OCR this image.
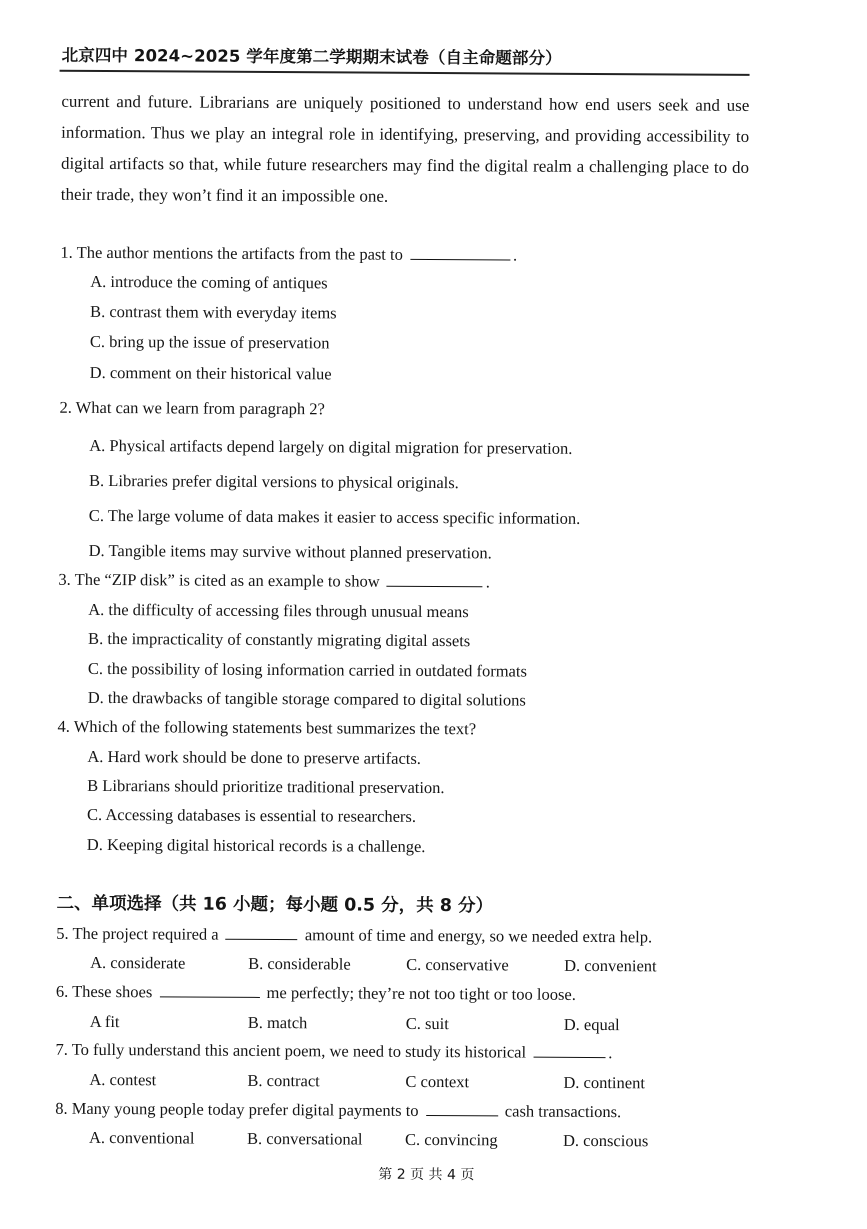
北京四中 2024~2025 学年度第二学期期末试卷（自主命题部分）

current and future. Librarians are uniquely positioned to understand how end users seek and use information. Thus we play an integral role in identifying, preserving, and providing accessibility to digital artifacts so that, while future researchers may find the digital realm a challenging place to do their trade, they won’t find it an impossible one.

1. The author mentions the artifacts from the past to	.
A. introduce the coming of antiques
B. contrast them with everyday items
C. bring up the issue of preservation
D. comment on their historical value
2. What can we learn from paragraph 2?
A. Physical artifacts depend largely on digital migration for preservation.
B. Libraries prefer digital versions to physical originals.
C. The large volume of data makes it easier to access specific information.
D. Tangible items may survive without planned preservation.
3. The “ZIP disk” is cited as an example to show	.
A. the difficulty of accessing files through unusual means
B. the impracticality of constantly migrating digital assets
C. the possibility of losing information carried in outdated formats
D. the drawbacks of tangible storage compared to digital solutions
4. Which of the following statements best summarizes the text?
A. Hard work should be done to preserve artifacts.
B Librarians should prioritize traditional preservation.
C. Accessing databases is essential to researchers.
D. Keeping digital historical records is a challenge.
二、单项选择（共 16 小题；每小题 0.5 分，共 8 分）
5. The project required a	amount of time and energy, so we needed extra help.
A. considerate	B. considerable	C. conservative	D. convenient
6. These shoes	me perfectly; they’re not too tight or too loose.
A fit	B. match	C. suit	D. equal
7. To fully understand this ancient poem, we need to study its historical	.
A. contest	B. contract	C context	D. continent
8. Many young people today prefer digital payments to	cash transactions.
A. conventional	B. conversational	C. convincing	D. conscious
第 2 页 共 4 页
